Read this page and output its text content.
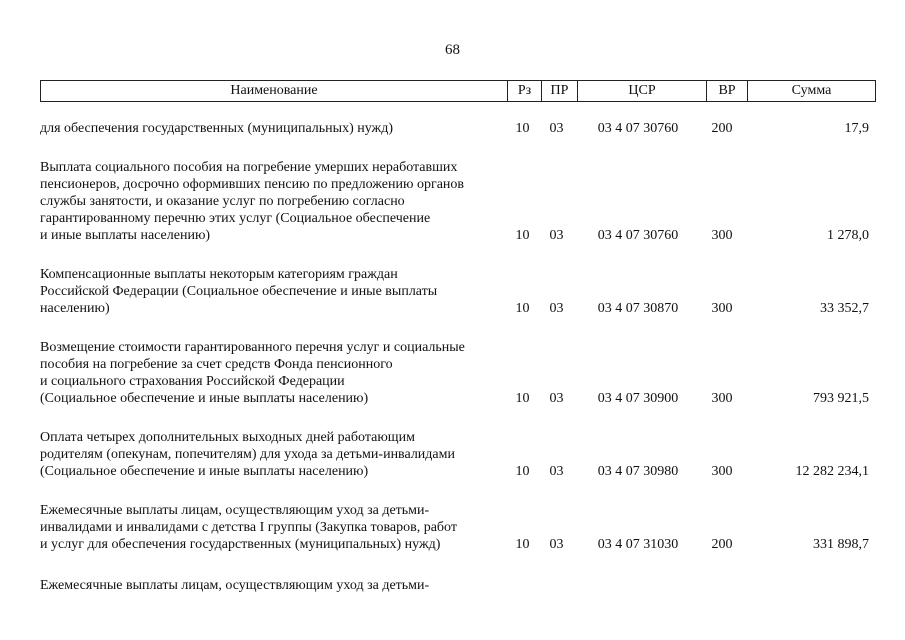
68
Наименование	Рз	ПР	ЦСР	ВР	Сумма
для обеспечения государственных (муниципальных) нужд)	10	03	03 4 07 30760	200	17,9

Выплата социального пособия на погребение умерших неработавших
пенсионеров, досрочно оформивших пенсию по предложению органов
службы занятости, и оказание услуг по погребению согласно
гарантированному перечню этих услуг (Социальное обеспечение
и иные выплаты населению)	10	03	03 4 07 30760	300	1 278,0

Компенсационные выплаты некоторым категориям граждан
Российской Федерации (Социальное обеспечение и иные выплаты
населению)	10	03	03 4 07 30870	300	33 352,7

Возмещение стоимости гарантированного перечня услуг и социальные
пособия на погребение за счет средств Фонда пенсионного
и социального страхования Российской Федерации
(Социальное обеспечение и иные выплаты населению)	10	03	03 4 07 30900	300	793 921,5

Оплата четырех дополнительных выходных дней работающим
родителям (опекунам, попечителям) для ухода за детьми-инвалидами
(Социальное обеспечение и иные выплаты населению)	10	03	03 4 07 30980	300	12 282 234,1

Ежемесячные выплаты лицам, осуществляющим уход за детьми-
инвалидами и инвалидами с детства I группы (Закупка товаров, работ
и услуг для обеспечения государственных (муниципальных) нужд)	10	03	03 4 07 31030	200	331 898,7

Ежемесячные выплаты лицам, осуществляющим уход за детьми-					
